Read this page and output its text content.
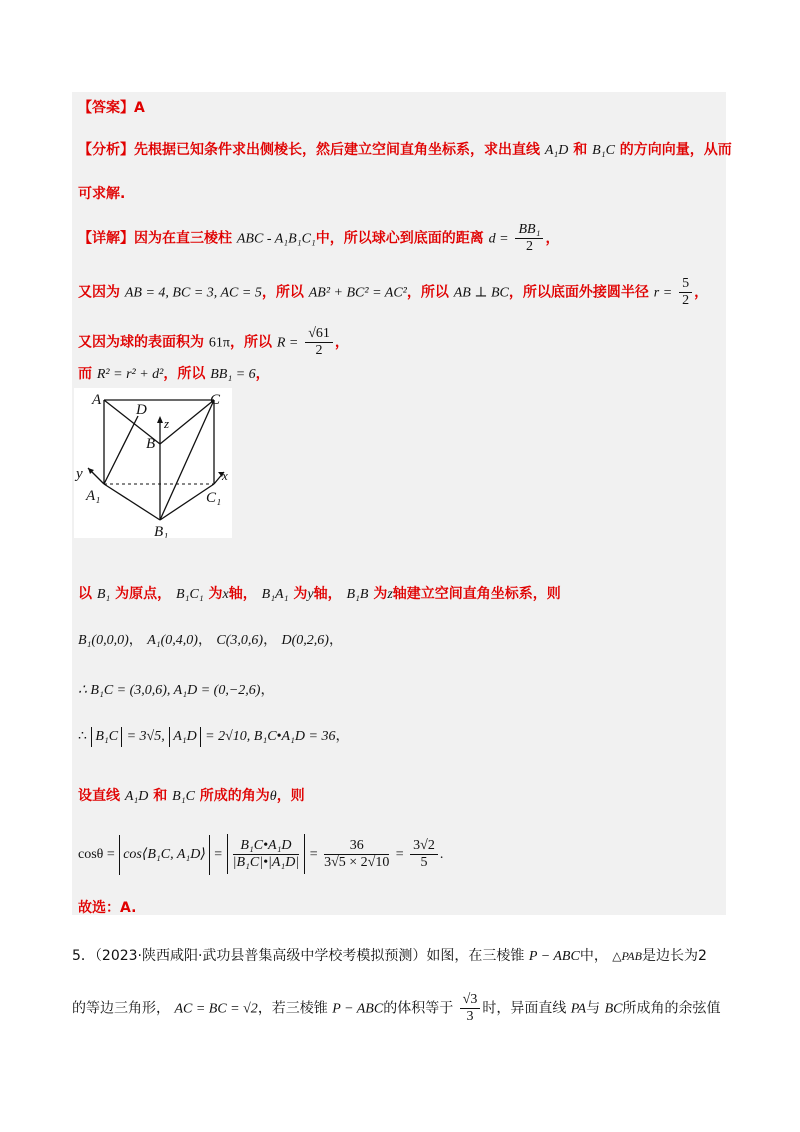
【答案】A
【分析】先根据已知条件求出侧棱长，然后建立空间直角坐标系，求出直线 A₁D 和 B₁C 的方向向量，从而
可求解.
【详解】因为在直三棱柱 ABC - A₁B₁C₁中，所以球心到底面的距离 $d = \frac{\text{BB₁}}{2}$ ，
又因为 AB = 4, BC = 3, AC = 5，所以 AB² + BC² = AC²，所以 AB ⊥ BC，所以底面外接圆半径 $r = \frac{5}{2}$ ，
又因为球的表面积为 61π，所以 $R = \frac{√61}{2}$ ，
而 R² = r² + d²，所以 BB₁ = 6，
A
D
C
B
z
y	x
A₁	C₁
B₁
以 B₁ 为原点， B₁C₁ 为x轴， B₁A₁ 为y轴， B₁B 为z轴建立空间直角坐标系，则
B₁(0,0,0)， A₁(0,4,0)， C(3,0,6)， D(0,2,6)，
∴ B₁C = (3,0,6), A₁D = (0,−2,6)，
∴ B₁C = 3√5, A₁D = 2√10, B₁C•A₁D = 36，
设直线 A₁D 和 B₁C 所成的角为θ，则
cosθ = cos⟨B₁C, A₁D⟩ = $\frac{\text{B₁C•A₁D}}{\text{|B₁C|•|A₁D|}} = \frac{36}{3√5 \times 2√10} = \frac{3√2}{5}$ .
故选：A.
5．（2023·陕西咸阳·武功县普集高级中学校考模拟预测）如图，在三棱锥 P − ABC中， △PAB是边长为2
的等边三角形， AC = BC = √2，若三棱锥 P − ABC的体积等于 $\frac{√3}{3}$ 时，异面直线 PA与 BC所成角的余弦值
